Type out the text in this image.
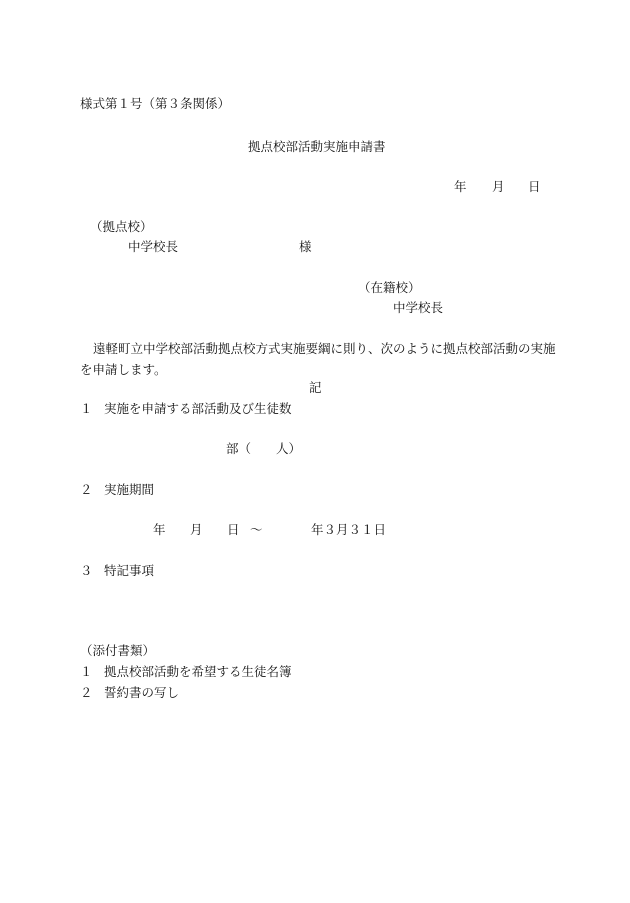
様式第１号（第３条関係）
拠点校部活動実施申請書
年 月 日
（拠点校）
中学校長	様
（在籍校）
中学校長
遠軽町立中学校部活動拠点校方式実施要綱に則り、次のように拠点校部活動の実施を申請します。
記
１ 実施を申請する部活動及び生徒数
部（　　人）
２ 実施期間
年 月 日 ～	年３月３１日
３ 特記事項
（添付書類）
１ 拠点校部活動を希望する生徒名簿
２ 誓約書の写し
